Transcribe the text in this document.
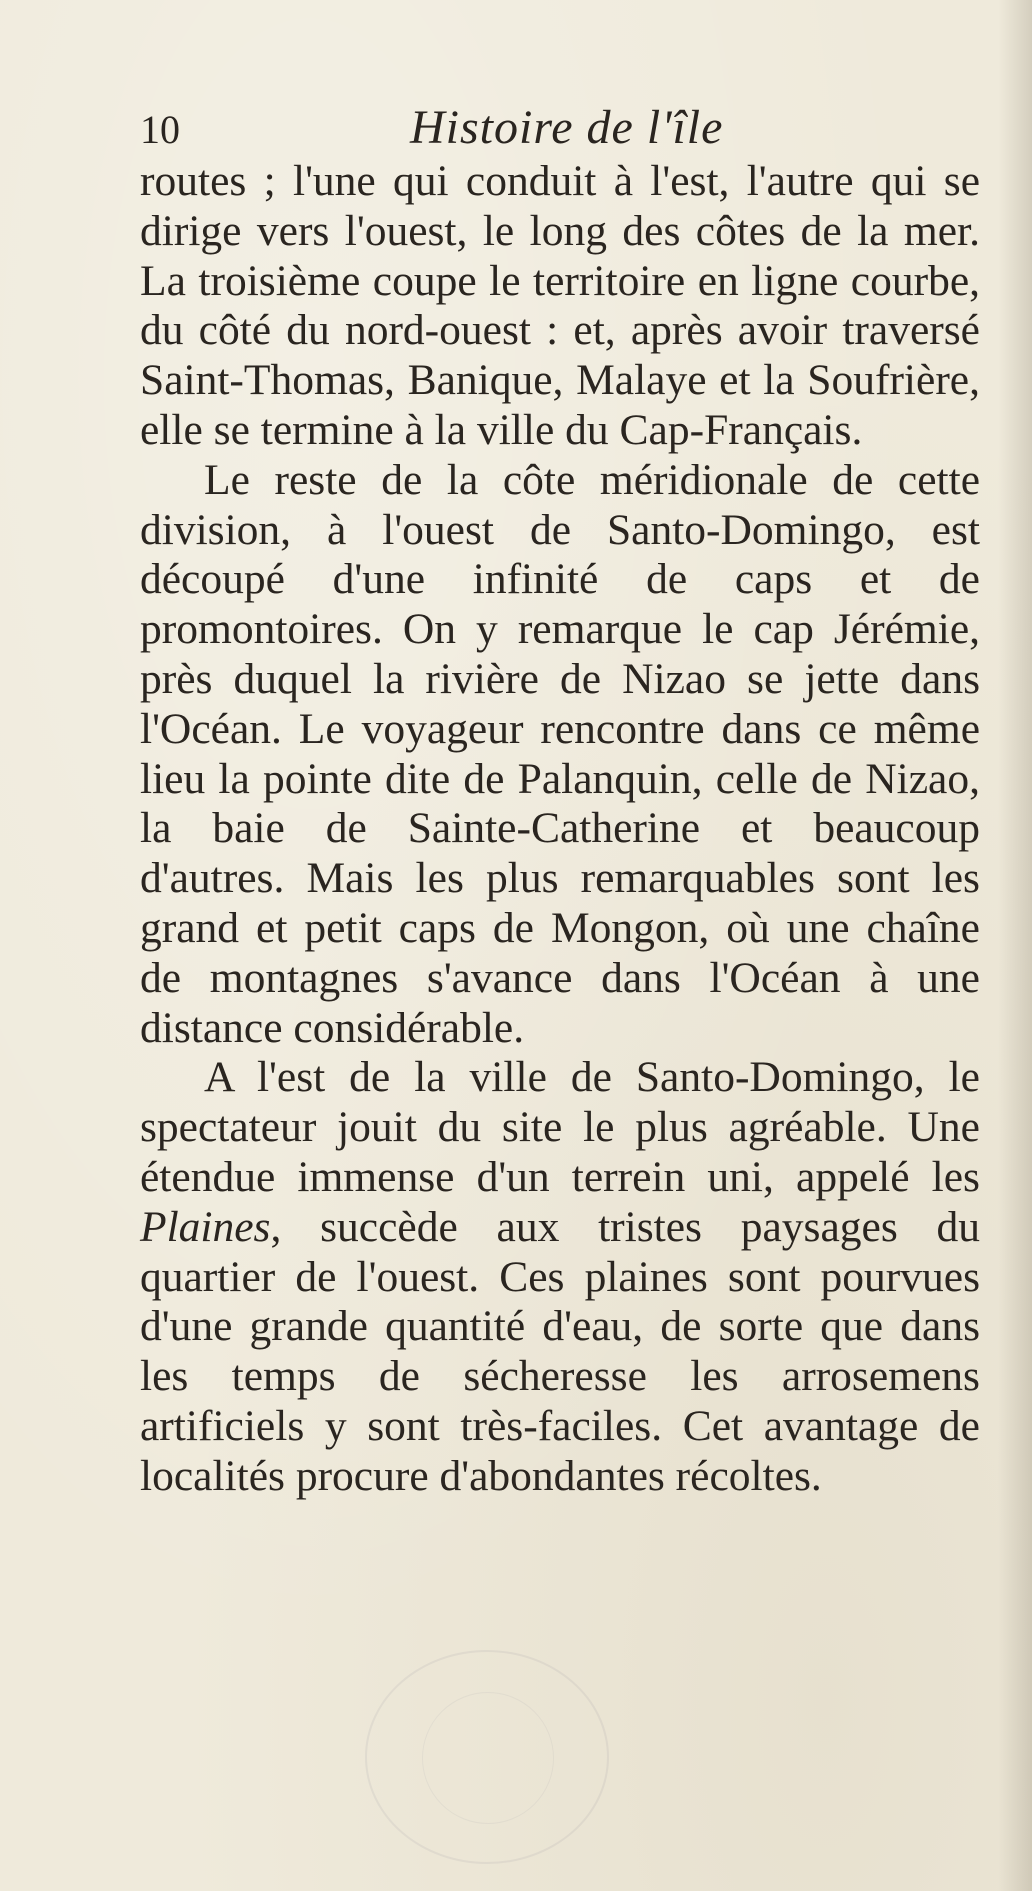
10	Histoire de l'île

routes ; l'une qui conduit à l'est, l'autre qui se dirige vers l'ouest, le long des côtes de la mer. La troisième coupe le territoire en ligne courbe, du côté du nord-ouest : et, après avoir traversé Saint-Thomas, Banique, Malaye et la Soufrière, elle se termine à la ville du Cap-Français.

Le reste de la côte méridionale de cette division, à l'ouest de Santo-Domingo, est découpé d'une infinité de caps et de promontoires. On y remarque le cap Jérémie, près duquel la rivière de Nizao se jette dans l'Océan. Le voyageur rencontre dans ce même lieu la pointe dite de Palanquin, celle de Nizao, la baie de Sainte-Catherine et beaucoup d'autres. Mais les plus remarquables sont les grand et petit caps de Mongon, où une chaîne de montagnes s'avance dans l'Océan à une distance considérable.

A l'est de la ville de Santo-Domingo, le spectateur jouit du site le plus agréable. Une étendue immense d'un terrein uni, appelé les Plaines, succède aux tristes paysages du quartier de l'ouest. Ces plaines sont pourvues d'une grande quantité d'eau, de sorte que dans les temps de sécheresse les arrosemens artificiels y sont très-faciles. Cet avantage de localités procure d'abondantes récoltes.
